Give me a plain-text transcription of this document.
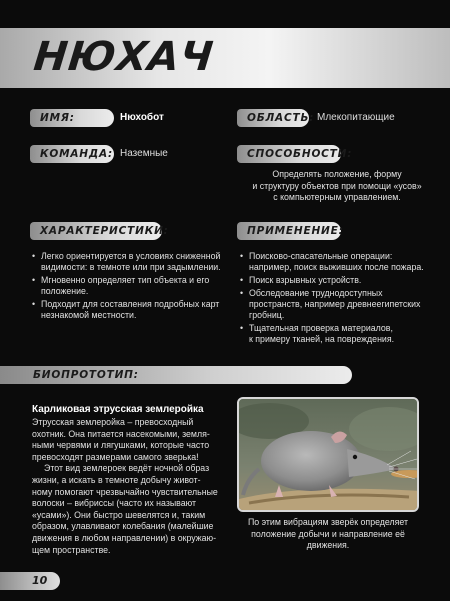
НЮХАЧ
ИМЯ:	Нюхобот	ОБЛАСТЬ: Млекопитающие
КОМАНДА: Наземные	СПОСОБНОСТИ:
Определять положение, форму
и структуру объектов при помощи «усов»
с компьютерным управлением.
ХАРАКТЕРИСТИКИ:
• Легко ориентируется в условиях сниженной
видимости: в темноте или при задымлении.
• Мгновенно определяет тип объекта и его
положение.
• Подходит для составления подробных карт
незнакомой местности.
ПРИМЕНЕНИЕ:
• Поисково-спасательные операции:
например, поиск выживших после пожара.
• Поиск взрывных устройств.
• Обследование труднодоступных
пространств, например древнеегипетских
гробниц.
• Тщательная проверка материалов,
к примеру тканей, на повреждения.
БИОПРОТОТИП:
Карликовая этрусская землеройка

Этрусская землеройка – превосходный

охотник. Она питается насекомыми, земля-

ными червями и лягушками, которые часто

превосходят размерами самого зверька!

Этот вид землероек ведёт ночной образ

жизни, а искать в темноте добычу живот-

ному помогают чрезвычайно чувствительные

волоски – вибриссы (часто их называют

«усами»). Они быстро шевелятся и, таким

образом, улавливают колебания (малейшие

движения в любом направлении) в окружаю-

щем пространстве.

По этим вибрациям зверёк определяет
положение добычи и направление её
движения.
10
